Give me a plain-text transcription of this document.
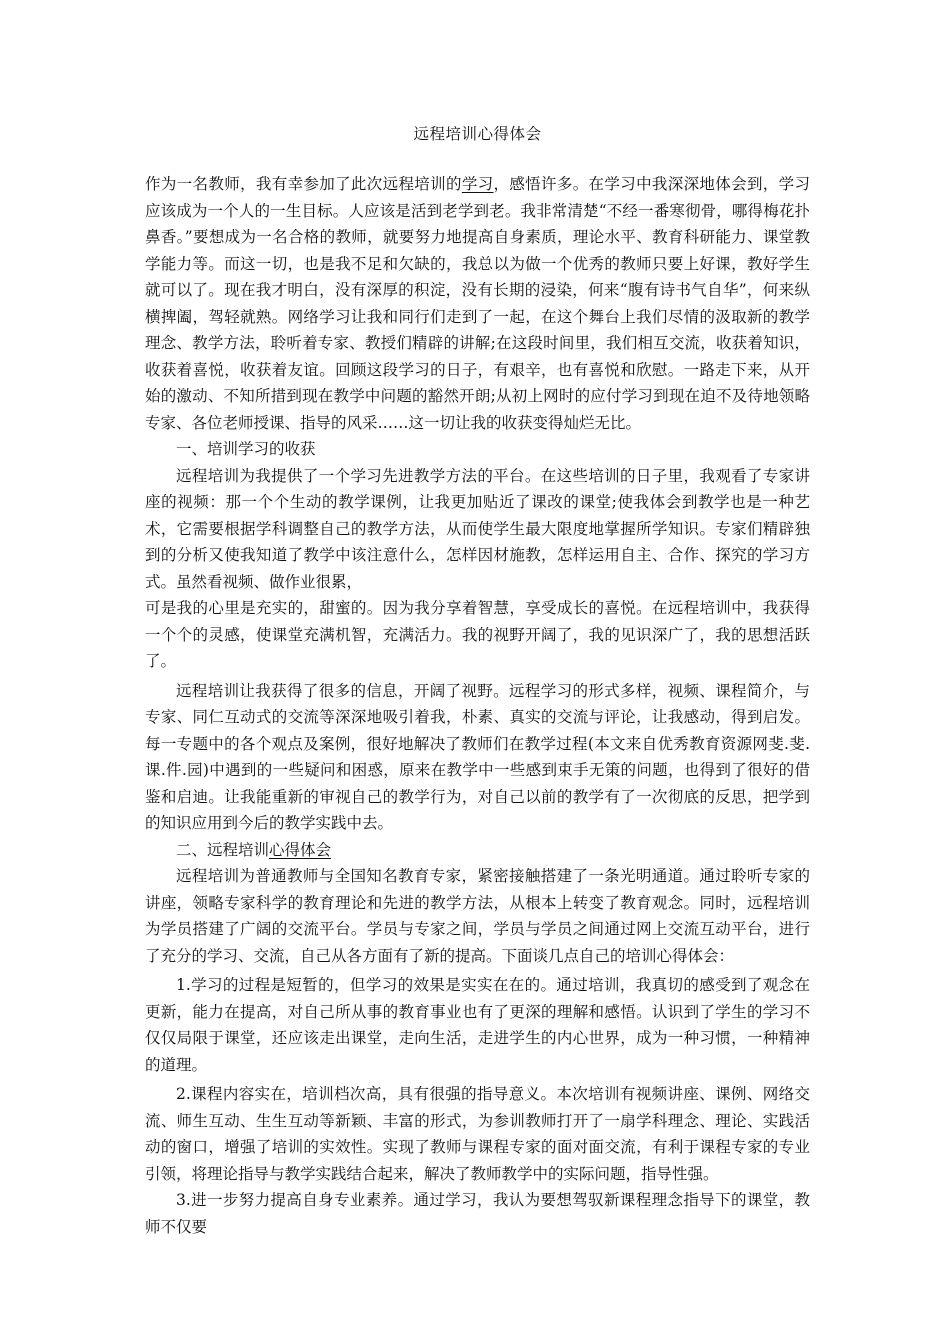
远程培训心得体会

作为一名教师，我有幸参加了此次远程培训的学习，感悟许多。在学习中我深深地体会到，学习应该成为一个人的一生目标。人应该是活到老学到老。我非常清楚“不经一番寒彻骨，哪得梅花扑鼻香。”要想成为一名合格的教师，就要努力地提高自身素质，理论水平、教育科研能力、课堂教学能力等。而这一切，也是我不足和欠缺的，我总以为做一个优秀的教师只要上好课，教好学生就可以了。现在我才明白，没有深厚的积淀，没有长期的浸染，何来“腹有诗书气自华”，何来纵横捭阖，驾轻就熟。网络学习让我和同行们走到了一起，在这个舞台上我们尽情的汲取新的教学理念、教学方法，聆听着专家、教授们精辟的讲解;在这段时间里，我们相互交流，收获着知识，收获着喜悦，收获着友谊。回顾这段学习的日子，有艰辛，也有喜悦和欣慰。一路走下来，从开始的激动、不知所措到现在教学中问题的豁然开朗;从初上网时的应付学习到现在迫不及待地领略专家、各位老师授课、指导的风采……这一切让我的收获变得灿烂无比。

一、培训学习的收获

远程培训为我提供了一个学习先进教学方法的平台。在这些培训的日子里，我观看了专家讲座的视频：那一个个生动的教学课例，让我更加贴近了课改的课堂;使我体会到教学也是一种艺术，它需要根据学科调整自己的教学方法，从而使学生最大限度地掌握所学知识。专家们精辟独到的分析又使我知道了教学中该注意什么，怎样因材施教，怎样运用自主、合作、探究的学习方式。虽然看视频、做作业很累，

可是我的心里是充实的，甜蜜的。因为我分享着智慧，享受成长的喜悦。在远程培训中，我获得一个个的灵感，使课堂充满机智，充满活力。我的视野开阔了，我的见识深广了，我的思想活跃了。

远程培训让我获得了很多的信息，开阔了视野。远程学习的形式多样，视频、课程简介，与专家、同仁互动式的交流等深深地吸引着我，朴素、真实的交流与评论，让我感动，得到启发。每一专题中的各个观点及案例，很好地解决了教师们在教学过程(本文来自优秀教育资源网斐.斐.课.件.园)中遇到的一些疑问和困惑，原来在教学中一些感到束手无策的问题，也得到了很好的借鉴和启迪。让我能重新的审视自己的教学行为，对自己以前的教学有了一次彻底的反思，把学到的知识应用到今后的教学实践中去。

二、远程培训心得体会

远程培训为普通教师与全国知名教育专家，紧密接触搭建了一条光明通道。通过聆听专家的讲座，领略专家科学的教育理论和先进的教学方法，从根本上转变了教育观念。同时，远程培训为学员搭建了广阔的交流平台。学员与专家之间，学员与学员之间通过网上交流互动平台，进行了充分的学习、交流，自己从各方面有了新的提高。下面谈几点自己的培训心得体会：

1.学习的过程是短暂的，但学习的效果是实实在在的。通过培训，我真切的感受到了观念在更新，能力在提高，对自己所从事的教育事业也有了更深的理解和感悟。认识到了学生的学习不仅仅局限于课堂，还应该走出课堂，走向生活，走进学生的内心世界，成为一种习惯，一种精神的道理。

2.课程内容实在，培训档次高，具有很强的指导意义。本次培训有视频讲座、课例、网络交流、师生互动、生生互动等新颖、丰富的形式，为参训教师打开了一扇学科理念、理论、实践活动的窗口，增强了培训的实效性。实现了教师与课程专家的面对面交流，有利于课程专家的专业引领，将理论指导与教学实践结合起来，解决了教师教学中的实际问题，指导性强。

3.进一步努力提高自身专业素养。通过学习，我认为要想驾驭新课程理念指导下的课堂，教师不仅要
